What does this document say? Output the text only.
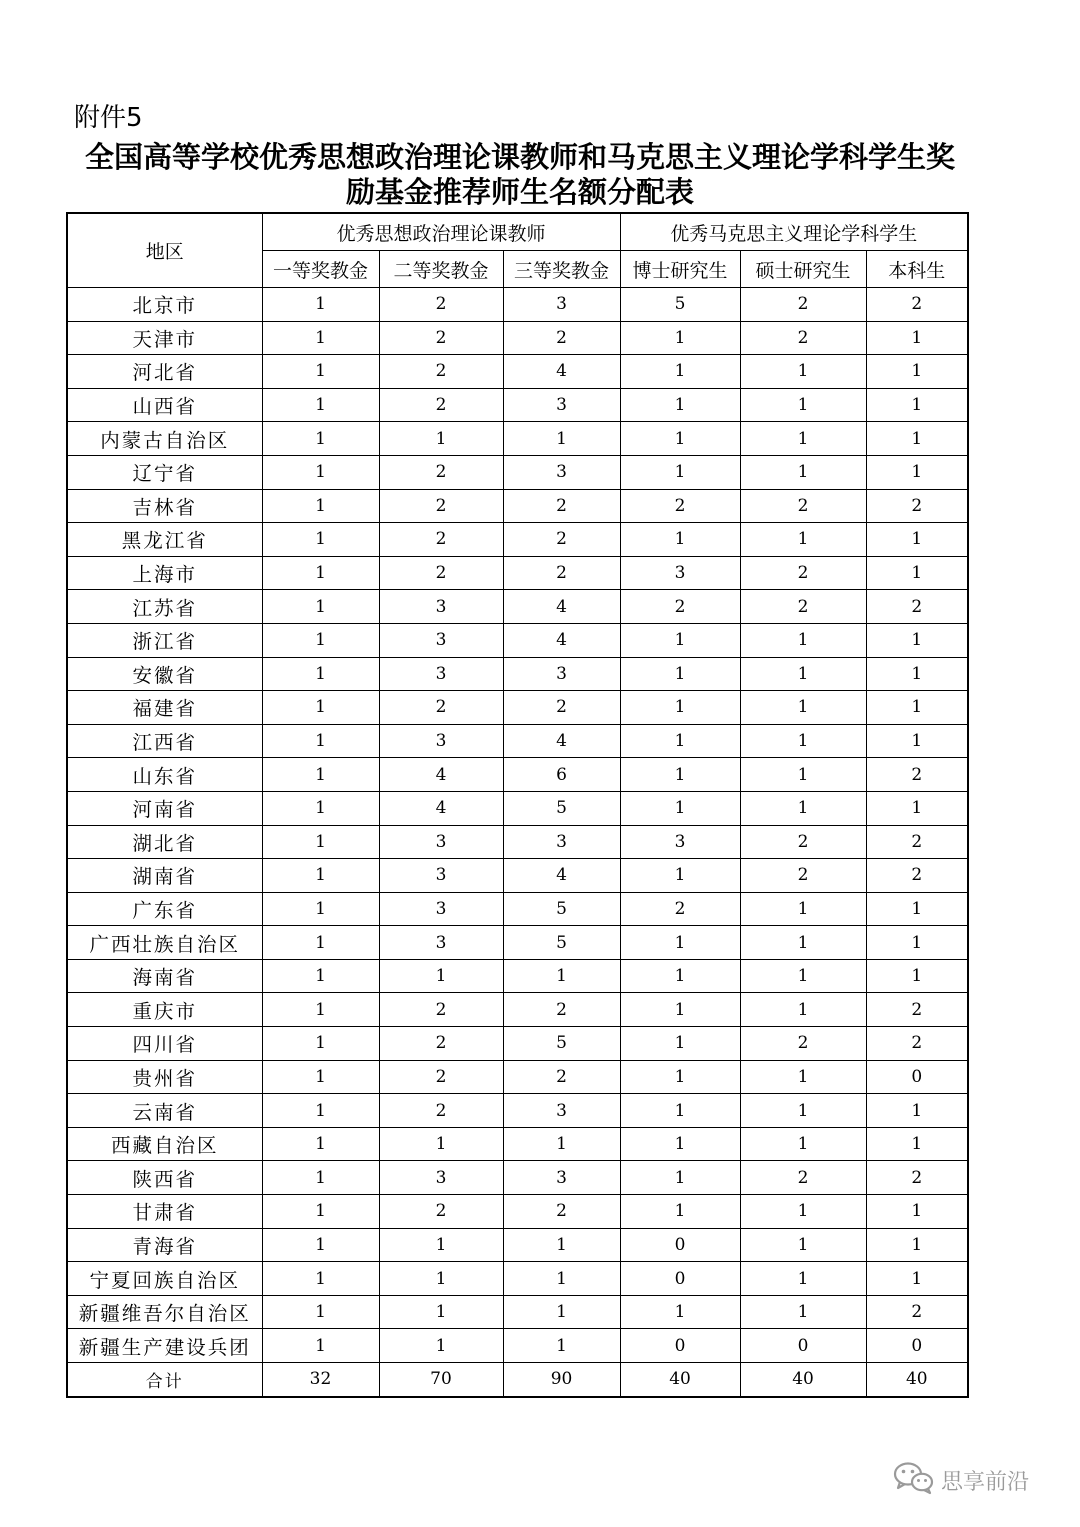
附件5
全国高等学校优秀思想政治理论课教师和马克思主义理论学科学生奖
励基金推荐师生名额分配表
地区	优秀思想政治理论课教师			优秀马克思主义理论学科学生		
	一等奖教金	二等奖教金	三等奖教金	博士研究生	硕士研究生	本科生
北京市	1	2	3	5	2	2
天津市	1	2	2	1	2	1
河北省	1	2	4	1	1	1
山西省	1	2	3	1	1	1
内蒙古自治区	1	1	1	1	1	1
辽宁省	1	2	3	1	1	1
吉林省	1	2	2	2	2	2
黑龙江省	1	2	2	1	1	1
上海市	1	2	2	3	2	1
江苏省	1	3	4	2	2	2
浙江省	1	3	4	1	1	1
安徽省	1	3	3	1	1	1
福建省	1	2	2	1	1	1
江西省	1	3	4	1	1	1
山东省	1	4	6	1	1	2
河南省	1	4	5	1	1	1
湖北省	1	3	3	3	2	2
湖南省	1	3	4	1	2	2
广东省	1	3	5	2	1	1
广西壮族自治区	1	3	5	1	1	1
海南省	1	1	1	1	1	1
重庆市	1	2	2	1	1	2
四川省	1	2	5	1	2	2
贵州省	1	2	2	1	1	0
云南省	1	2	3	1	1	1
西藏自治区	1	1	1	1	1	1
陕西省	1	3	3	1	2	2
甘肃省	1	2	2	1	1	1
青海省	1	1	1	0	1	1
宁夏回族自治区	1	1	1	0	1	1
新疆维吾尔自治区	1	1	1	1	1	2
新疆生产建设兵团	1	1	1	0	0	0
合计	32	70	90	40	40	40
思享前沿
